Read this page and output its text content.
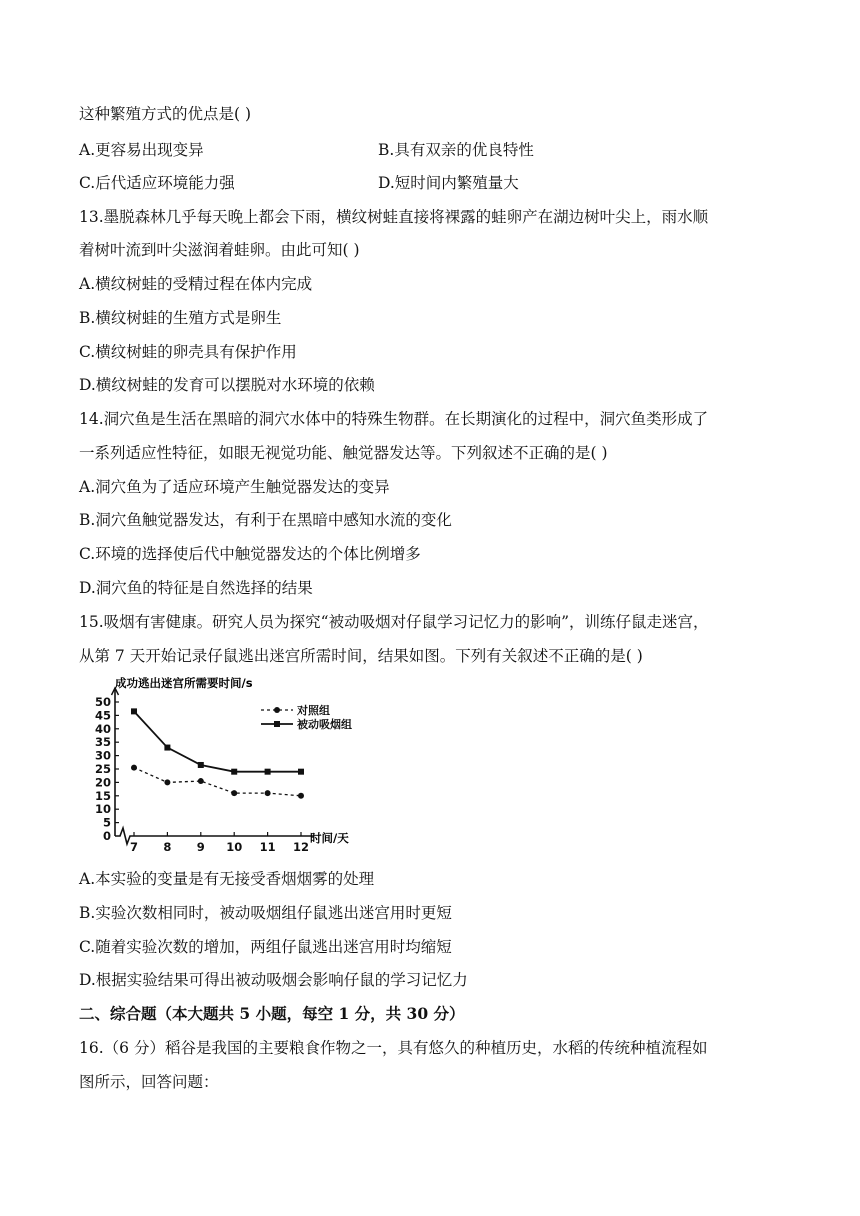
这种繁殖方式的优点是( )
A.更容易出现变异	B.具有双亲的优良特性
C.后代适应环境能力强	D.短时间内繁殖量大
13.墨脱森林几乎每天晚上都会下雨，横纹树蛙直接将裸露的蛙卵产在湖边树叶尖上，雨水顺
着树叶流到叶尖滋润着蛙卵。由此可知( )
A.横纹树蛙的受精过程在体内完成
B.横纹树蛙的生殖方式是卵生
C.横纹树蛙的卵壳具有保护作用
D.横纹树蛙的发育可以摆脱对水环境的依赖
14.洞穴鱼是生活在黑暗的洞穴水体中的特殊生物群。在长期演化的过程中，洞穴鱼类形成了
一系列适应性特征，如眼无视觉功能、触觉器发达等。下列叙述不正确的是( )
A.洞穴鱼为了适应环境产生触觉器发达的变异
B.洞穴鱼触觉器发达，有利于在黑暗中感知水流的变化
C.环境的选择使后代中触觉器发达的个体比例增多
D.洞穴鱼的特征是自然选择的结果
15.吸烟有害健康。研究人员为探究“被动吸烟对仔鼠学习记忆力的影响”，训练仔鼠走迷宫，
从第 7 天开始记录仔鼠逃出迷宫所需时间，结果如图。下列有关叙述不正确的是( )
0
5
10
15
20
25
30
35
40
45
50
7 8 9 10 11 12
对照组
被动吸烟组
成功逃出迷宫所需要时间/s
时间/天
A.本实验的变量是有无接受香烟烟雾的处理
B.实验次数相同时，被动吸烟组仔鼠逃出迷宫用时更短
C.随着实验次数的增加，两组仔鼠逃出迷宫用时均缩短
D.根据实验结果可得出被动吸烟会影响仔鼠的学习记忆力
二、综合题（本大题共 5 小题，每空 1 分，共 30 分）
16.（6 分）稻谷是我国的主要粮食作物之一，具有悠久的种植历史，水稻的传统种植流程如
图所示，回答问题：
